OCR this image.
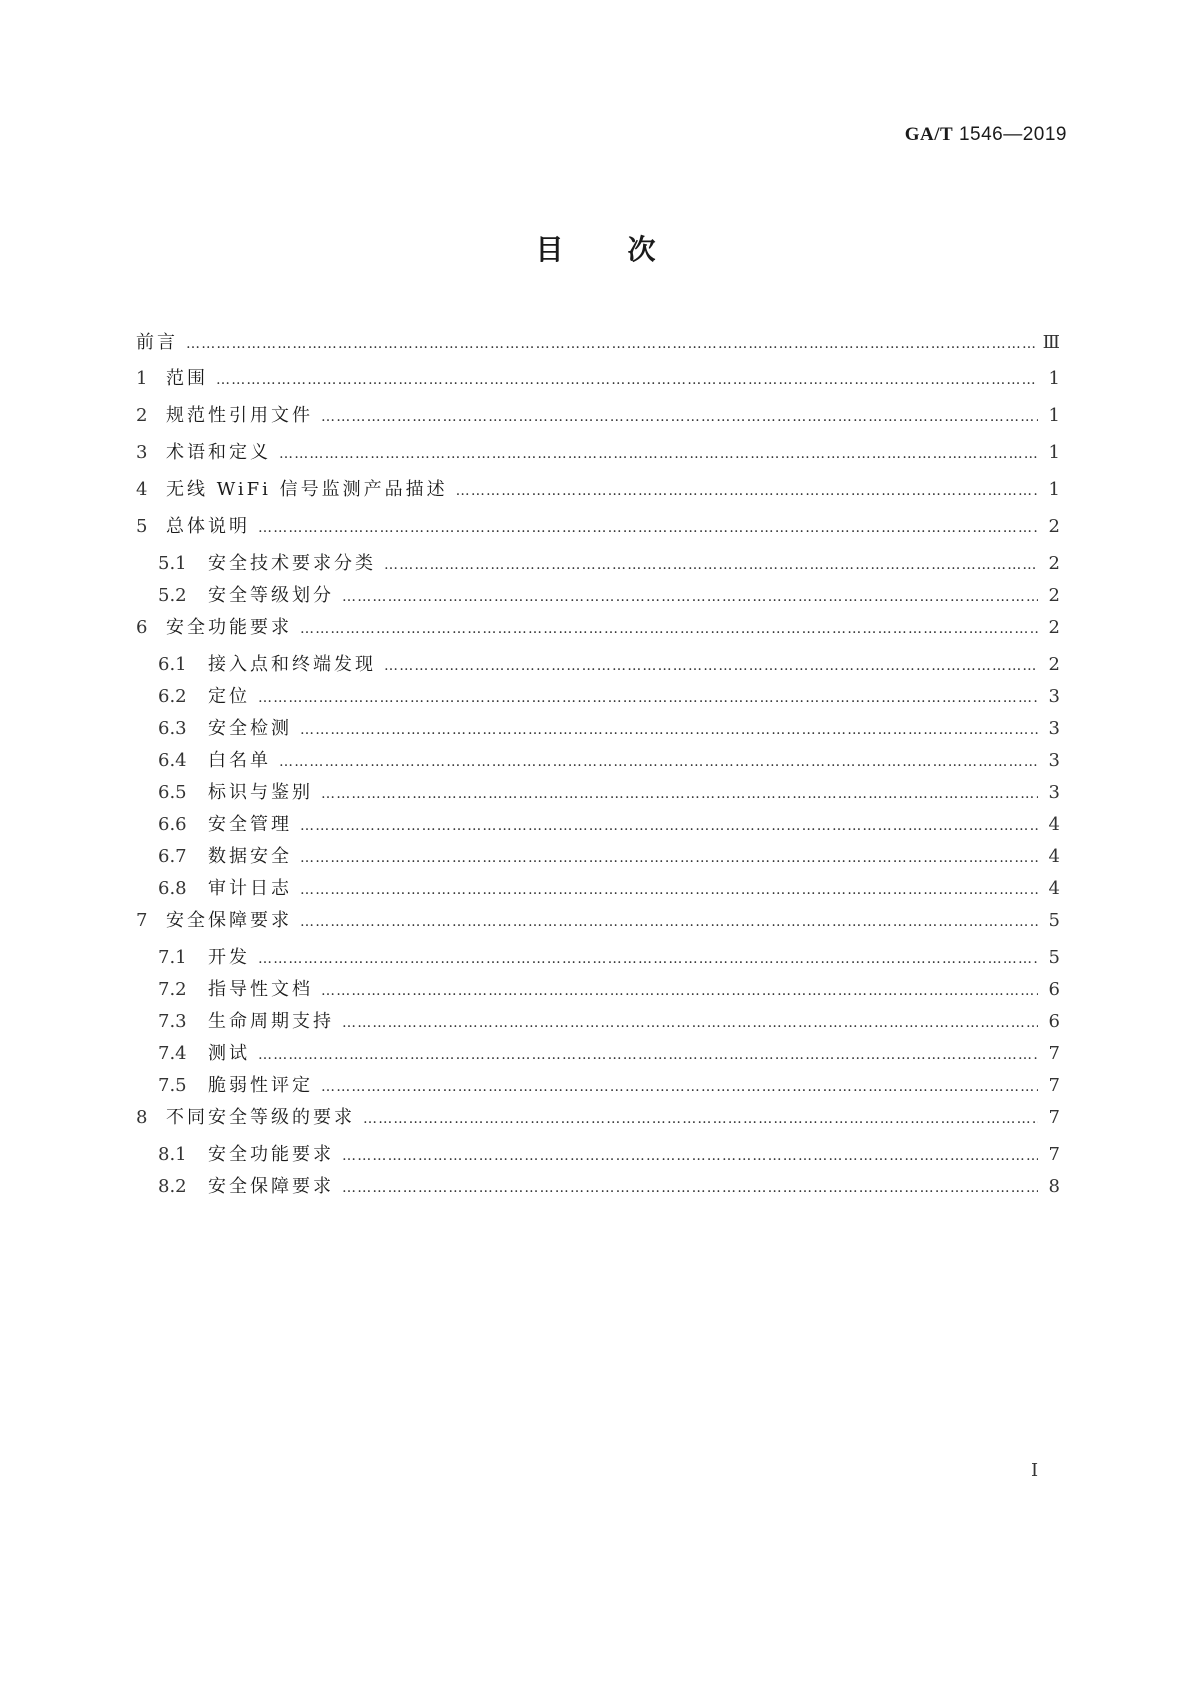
GA/T 1546—2019
目次
前言 ……………………………………………………………………………………………………………………………………………………………………………………………………	Ⅲ
1	范围 ……………………………………………………………………………………………………………………………………………………………………………………………………	1
2	规范性引用文件 ……………………………………………………………………………………………………………………………………………………………………………………………………	1
3	术语和定义 ……………………………………………………………………………………………………………………………………………………………………………………………………	1
4	无线 WiFi 信号监测产品描述 ……………………………………………………………………………………………………………………………………………………………………………………………………	1
5	总体说明 ……………………………………………………………………………………………………………………………………………………………………………………………………	2
5.1	安全技术要求分类 ……………………………………………………………………………………………………………………………………………………………………………………………………	2
5.2	安全等级划分 ……………………………………………………………………………………………………………………………………………………………………………………………………	2
6	安全功能要求 ……………………………………………………………………………………………………………………………………………………………………………………………………	2
6.1	接入点和终端发现 ……………………………………………………………………………………………………………………………………………………………………………………………………	2
6.2	定位 ……………………………………………………………………………………………………………………………………………………………………………………………………	3
6.3	安全检测 ……………………………………………………………………………………………………………………………………………………………………………………………………	3
6.4	白名单 ……………………………………………………………………………………………………………………………………………………………………………………………………	3
6.5	标识与鉴别 ……………………………………………………………………………………………………………………………………………………………………………………………………	3
6.6	安全管理 ……………………………………………………………………………………………………………………………………………………………………………………………………	4
6.7	数据安全 ……………………………………………………………………………………………………………………………………………………………………………………………………	4
6.8	审计日志 ……………………………………………………………………………………………………………………………………………………………………………………………………	4
7	安全保障要求 ……………………………………………………………………………………………………………………………………………………………………………………………………	5
7.1	开发 ……………………………………………………………………………………………………………………………………………………………………………………………………	5
7.2	指导性文档 ……………………………………………………………………………………………………………………………………………………………………………………………………	6
7.3	生命周期支持 ……………………………………………………………………………………………………………………………………………………………………………………………………	6
7.4	测试 ……………………………………………………………………………………………………………………………………………………………………………………………………	7
7.5	脆弱性评定 ……………………………………………………………………………………………………………………………………………………………………………………………………	7
8	不同安全等级的要求 ……………………………………………………………………………………………………………………………………………………………………………………………………	7
8.1	安全功能要求 ……………………………………………………………………………………………………………………………………………………………………………………………………	7
8.2	安全保障要求 ……………………………………………………………………………………………………………………………………………………………………………………………………	8
I
